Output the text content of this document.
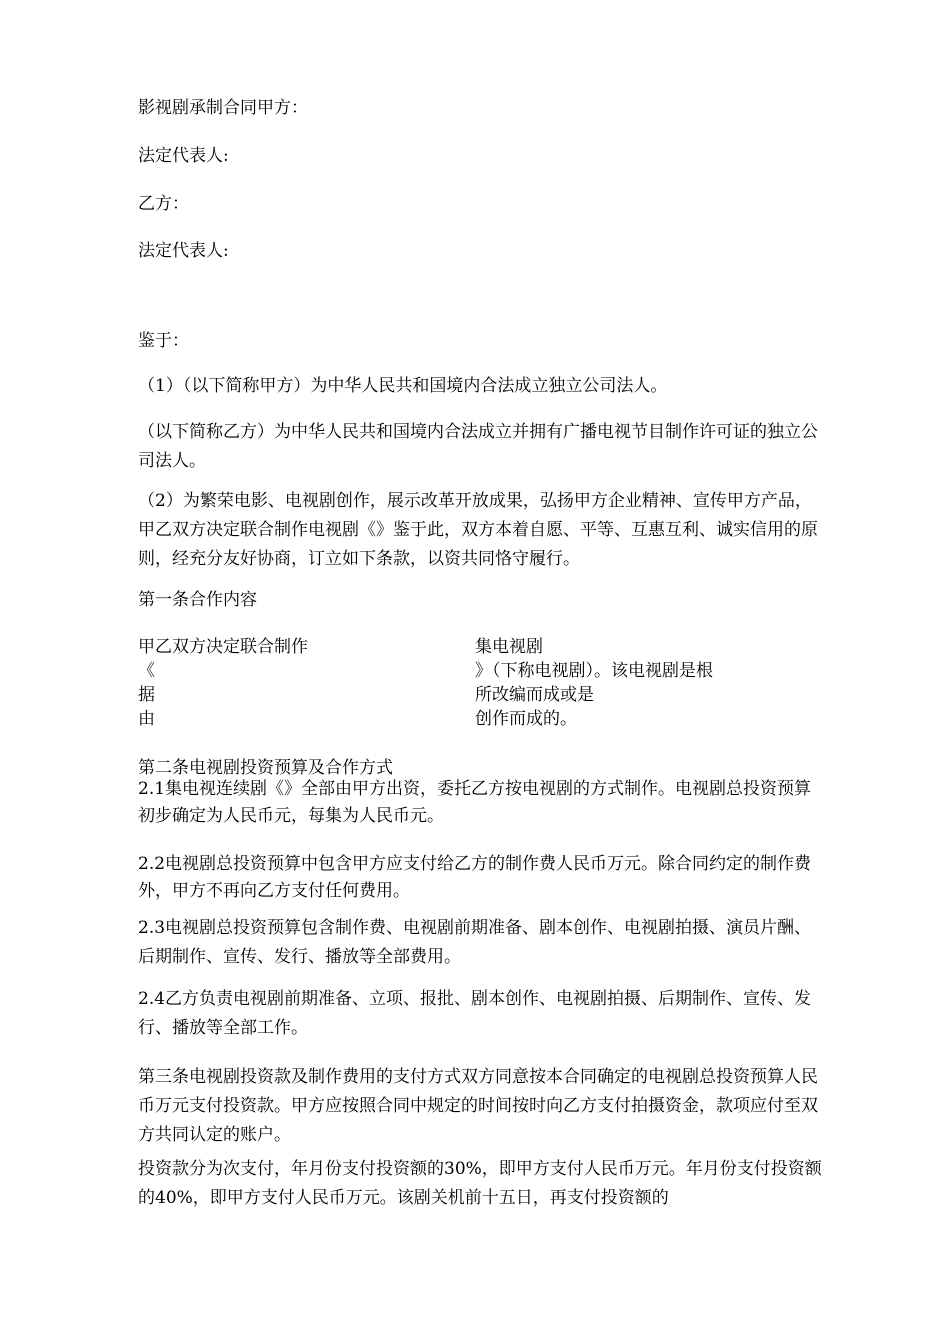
影视剧承制合同甲方：

法定代表人:

乙方：

法定代表人:

鉴于：

（1）（以下简称甲方）为中华人民共和国境内合法成立独立公司法人。

（以下简称乙方）为中华人民共和国境内合法成立并拥有广播电视节目制作许可证的独立公司法人。

（2）为繁荣电影、电视剧创作，展示改革开放成果，弘扬甲方企业精神、宣传甲方产品，甲乙双方决定联合制作电视剧《》鉴于此，双方本着自愿、平等、互惠互利、诚实信用的原则，经充分友好协商，订立如下条款，以资共同恪守履行。

第一条合作内容

甲乙双方决定联合制作
《
据
由
集电视剧
》（下称电视剧）。该电视剧是根
所改编而成或是
创作而成的。

第二条电视剧投资预算及合作方式

2.1集电视连续剧《》全部由甲方出资，委托乙方按电视剧的方式制作。电视剧总投资预算初步确定为人民币元，每集为人民币元。

2.2电视剧总投资预算中包含甲方应支付给乙方的制作费人民币万元。除合同约定的制作费外，甲方不再向乙方支付任何费用。

2.3电视剧总投资预算包含制作费、电视剧前期准备、剧本创作、电视剧拍摄、演员片酬、后期制作、宣传、发行、播放等全部费用。

2.4乙方负责电视剧前期准备、立项、报批、剧本创作、电视剧拍摄、后期制作、宣传、发行、播放等全部工作。

第三条电视剧投资款及制作费用的支付方式双方同意按本合同确定的电视剧总投资预算人民币万元支付投资款。甲方应按照合同中规定的时间按时向乙方支付拍摄资金，款项应付至双方共同认定的账户。

投资款分为次支付，年月份支付投资额的30%，即甲方支付人民币万元。年月份支付投资额的40%，即甲方支付人民币万元。该剧关机前十五日，再支付投资额的
